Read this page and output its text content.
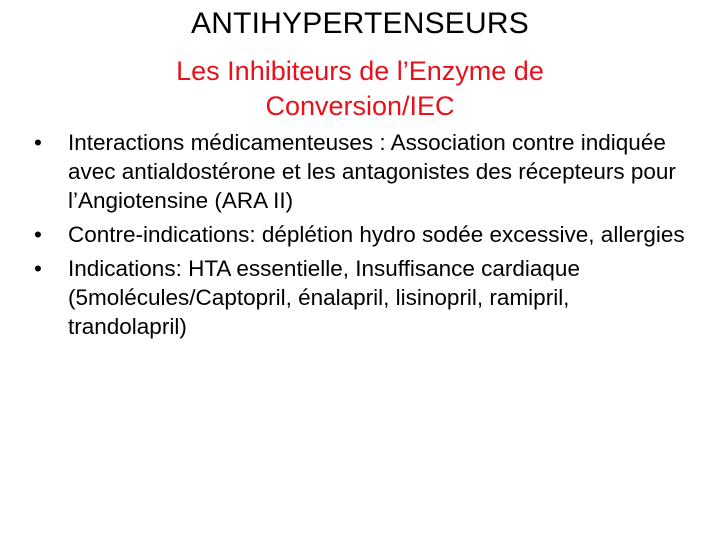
ANTIHYPERTENSEURS
Les Inhibiteurs de l’Enzyme de Conversion/IEC
•	Interactions médicamenteuses : Association contre indiquée avec antialdostérone et les antagonistes des récepteurs pour l’Angiotensine (ARA II)
•	Contre-indications: déplétion hydro sodée excessive, allergies
•	Indications: HTA essentielle, Insuffisance cardiaque (5molécules/Captopril, énalapril, lisinopril, ramipril, trandolapril)
